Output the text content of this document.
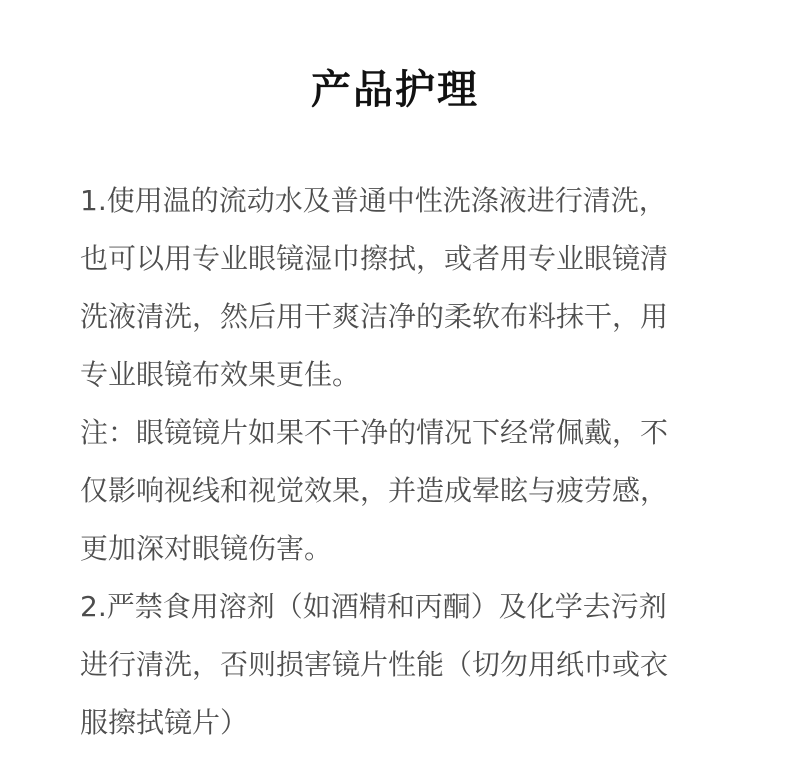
产品护理
1.使用温的流动水及普通中性洗涤液进行清洗，
也可以用专业眼镜湿巾擦拭，或者用专业眼镜清
洗液清洗，然后用干爽洁净的柔软布料抹干，用
专业眼镜布效果更佳。
注：眼镜镜片如果不干净的情况下经常佩戴，不
仅影响视线和视觉效果，并造成晕眩与疲劳感，
更加深对眼镜伤害。
2.严禁食用溶剂（如酒精和丙酮）及化学去污剂
进行清洗，否则损害镜片性能（切勿用纸巾或衣
服擦拭镜片）
